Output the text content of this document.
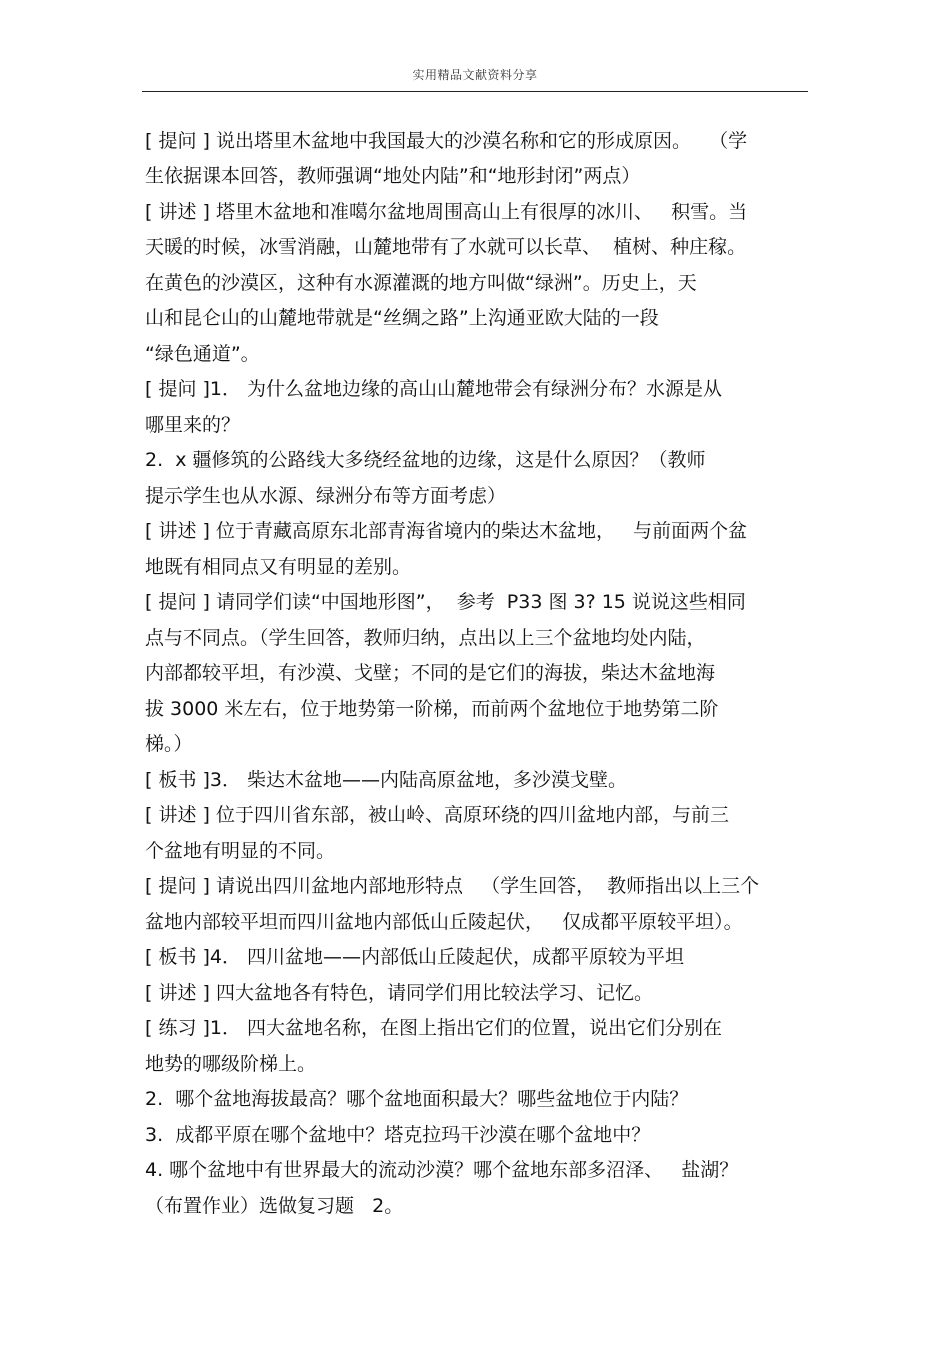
实用精品文献资料分享
[ 提问 ] 说出塔里木盆地中我国最大的沙漠名称和它的形成原因。   （学
生依据课本回答，教师强调“地处内陆”和“地形封闭”两点）
[ 讲述 ] 塔里木盆地和准噶尔盆地周围高山上有很厚的冰川、   积雪。当
天暖的时候，冰雪消融，山麓地带有了水就可以长草、  植树、种庄稼。
在黄色的沙漠区，这种有水源灌溉的地方叫做“绿洲”。历史上，天
山和昆仑山的山麓地带就是“丝绸之路”上沟通亚欧大陆的一段
“绿色通道”。
[ 提问 ]1． 为什么盆地边缘的高山山麓地带会有绿洲分布？水源是从
哪里来的？
2.  x 疆修筑的公路线大多绕经盆地的边缘，这是什么原因？（教师
提示学生也从水源、绿洲分布等方面考虑）
[ 讲述 ] 位于青藏高原东北部青海省境内的柴达木盆地，   与前面两个盆
地既有相同点又有明显的差别。
[ 提问 ] 请同学们读“中国地形图”，  参考  P33 图 3? 15 说说这些相同
点与不同点。（学生回答，教师归纳，点出以上三个盆地均处内陆，
内部都较平坦，有沙漠、戈壁；不同的是它们的海拔，柴达木盆地海
拔 3000 米左右，位于地势第一阶梯，而前两个盆地位于地势第二阶
梯。）
[ 板书 ]3． 柴达木盆地——内陆高原盆地，多沙漠戈壁。
[ 讲述 ] 位于四川省东部，被山岭、高原环绕的四川盆地内部，与前三
个盆地有明显的不同。
[ 提问 ] 请说出四川盆地内部地形特点   （学生回答，  教师指出以上三个
盆地内部较平坦而四川盆地内部低山丘陵起伏，   仅成都平原较平坦）。
[ 板书 ]4． 四川盆地——内部低山丘陵起伏，成都平原较为平坦
[ 讲述 ] 四大盆地各有特色，请同学们用比较法学习、记忆。
[ 练习 ]1． 四大盆地名称，在图上指出它们的位置，说出它们分别在
地势的哪级阶梯上。
2.  哪个盆地海拔最高？哪个盆地面积最大？哪些盆地位于内陆？
3.  成都平原在哪个盆地中？塔克拉玛干沙漠在哪个盆地中？
4. 哪个盆地中有世界最大的流动沙漠？哪个盆地东部多沼泽、   盐湖？
（布置作业）选做复习题   2。
